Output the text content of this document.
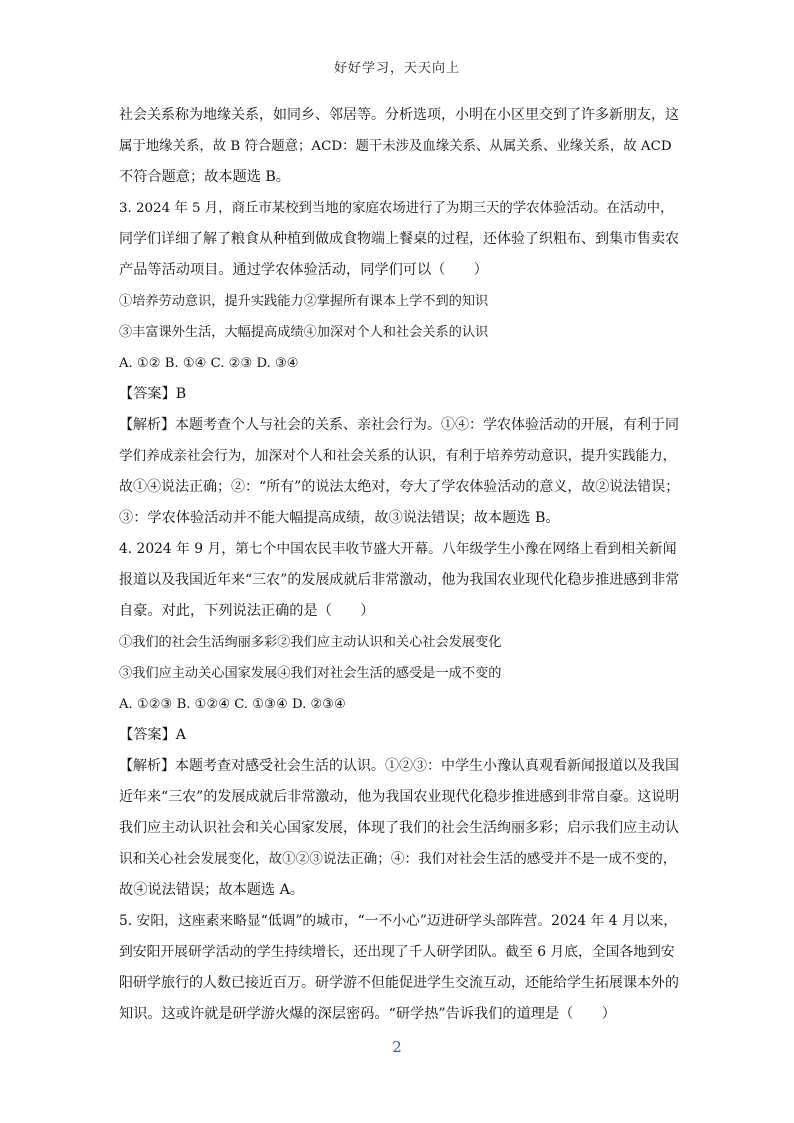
好好学习，天天向上

社会关系称为地缘关系，如同乡、邻居等。分析选项，小明在小区里交到了许多新朋友，这

属于地缘关系，故 B 符合题意；ACD：题干未涉及血缘关系、从属关系、业缘关系，故 ACD

不符合题意；故本题选 B。

3. 2024 年 5 月，商丘市某校到当地的家庭农场进行了为期三天的学农体验活动。在活动中，

同学们详细了解了粮食从种植到做成食物端上餐桌的过程，还体验了织粗布、到集市售卖农

产品等活动项目。通过学农体验活动，同学们可以（　　）

①培养劳动意识，提升实践能力②掌握所有课本上学不到的知识

③丰富课外生活，大幅提高成绩④加深对个人和社会关系的认识

A. ①② B. ①④ C. ②③ D. ③④

【答案】B

【解析】本题考查个人与社会的关系、亲社会行为。①④：学农体验活动的开展，有利于同

学们养成亲社会行为，加深对个人和社会关系的认识，有利于培养劳动意识，提升实践能力，

故①④说法正确；②：“所有”的说法太绝对，夸大了学农体验活动的意义，故②说法错误；

③：学农体验活动并不能大幅提高成绩，故③说法错误；故本题选 B。

4. 2024 年 9 月，第七个中国农民丰收节盛大开幕。八年级学生小豫在网络上看到相关新闻

报道以及我国近年来“三农”的发展成就后非常激动，他为我国农业现代化稳步推进感到非常

自豪。对此，下列说法正确的是（　　）

①我们的社会生活绚丽多彩②我们应主动认识和关心社会发展变化

③我们应主动关心国家发展④我们对社会生活的感受是一成不变的

A. ①②③ B. ①②④ C. ①③④ D. ②③④

【答案】A

【解析】本题考查对感受社会生活的认识。①②③：中学生小豫认真观看新闻报道以及我国

近年来“三农”的发展成就后非常激动，他为我国农业现代化稳步推进感到非常自豪。这说明

我们应主动认识社会和关心国家发展，体现了我们的社会生活绚丽多彩；启示我们应主动认

识和关心社会发展变化，故①②③说法正确；④：我们对社会生活的感受并不是一成不变的，

故④说法错误；故本题选 A。

5. 安阳，这座素来略显“低调”的城市，“一不小心”迈进研学头部阵营。2024 年 4 月以来，

到安阳开展研学活动的学生持续增长，还出现了千人研学团队。截至 6 月底，全国各地到安

阳研学旅行的人数已接近百万。研学游不但能促进学生交流互动，还能给学生拓展课本外的

知识。这或许就是研学游火爆的深层密码。“研学热”告诉我们的道理是（　　）

2
